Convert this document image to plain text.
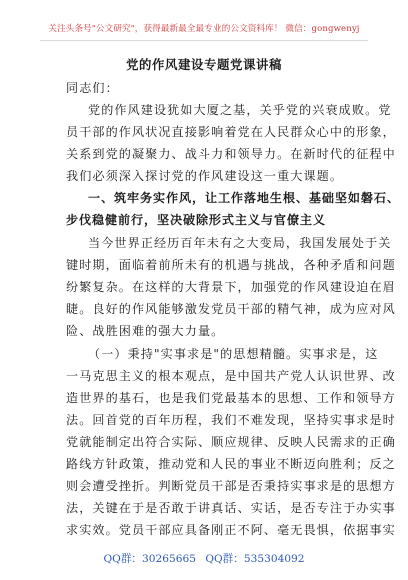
关注头条号"公文研究"，获得最新最全最专业的公文资料库！ 微信：gongwenyj
党的作风建设专题党课讲稿
同志们：
党的作风建设犹如大厦之基，关乎党的兴衰成败。党
员干部的作风状况直接影响着党在人民群众心中的形象，
关系到党的凝聚力、战斗力和领导力。在新时代的征程中
我们必须深入探讨党的作风建设这一重大课题。
一、筑牢务实作风，让工作落地生根、基础坚如磐石、
步伐稳健前行，坚决破除形式主义与官僚主义
当今世界正经历百年未有之大变局，我国发展处于关
键时期，面临着前所未有的机遇与挑战，各种矛盾和问题
纷繁复杂。在这样的大背景下，加强党的作风建设迫在眉
睫。良好的作风能够激发党员干部的精气神，成为应对风
险、战胜困难的强大力量。
（一）秉持"实事求是"的思想精髓。实事求是，这
一马克思主义的根本观点，是中国共产党人认识世界、改
造世界的基石，也是我们党最基本的思想、工作和领导方
法。回首党的百年历程，我们不难发现，坚持实事求是时
党就能制定出符合实际、顺应规律、反映人民需求的正确
路线方针政策，推动党和人民的事业不断迈向胜利；反之
则会遭受挫折。判断党员干部是否秉持实事求是的思想方
法，关键在于是否敢于讲真话、实话，是否专注于办实事
求实效。党员干部应具备刚正不阿、毫无畏惧，依据事实
QQ群：30265665 QQ群：535304092
